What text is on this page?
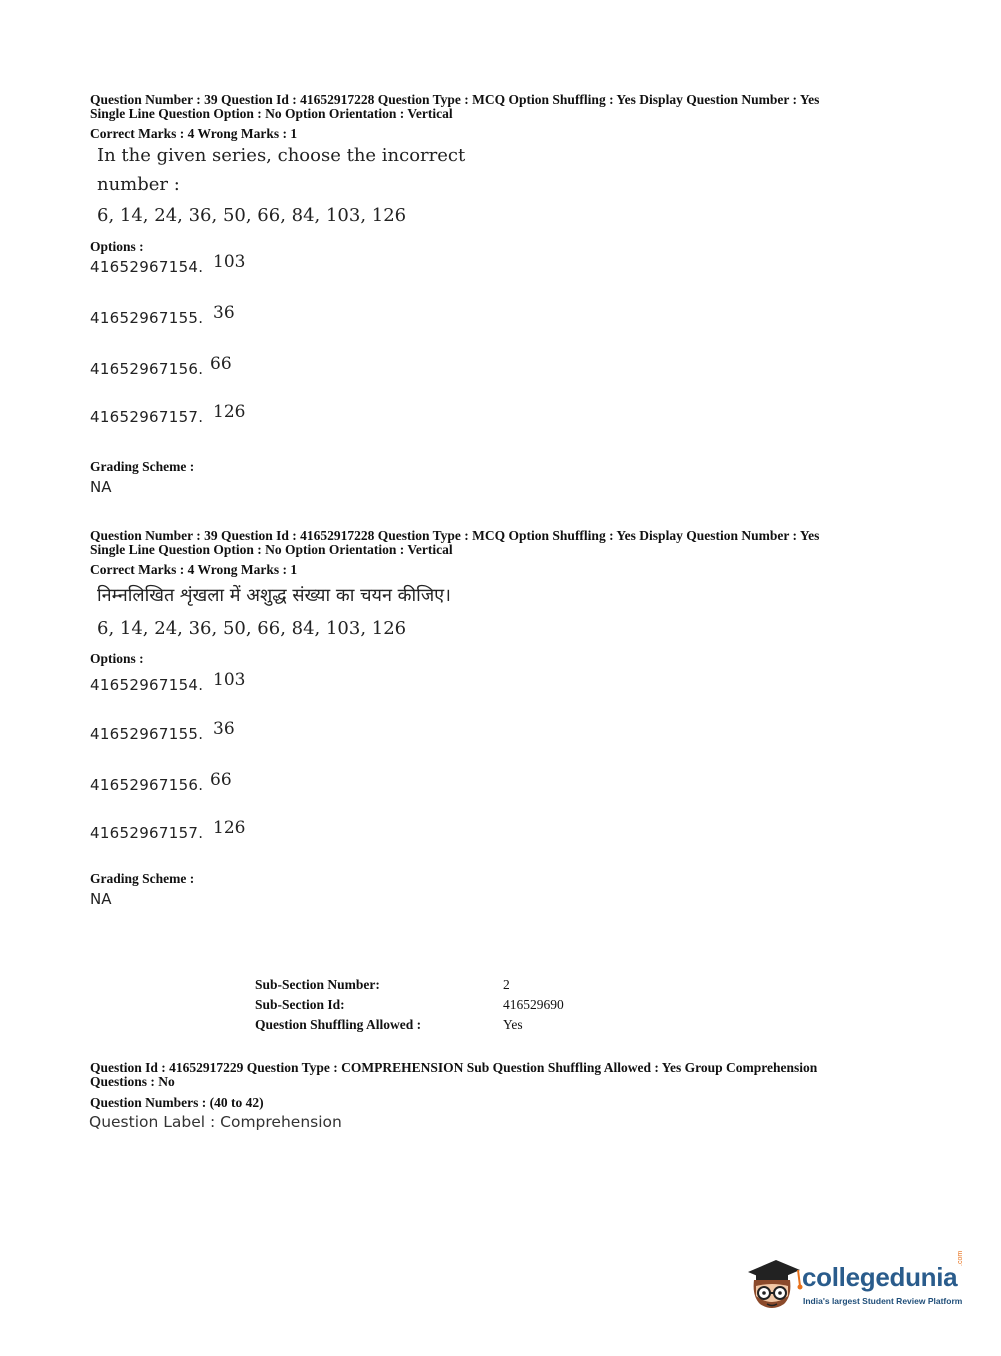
Question Number : 39 Question Id : 41652917228 Question Type : MCQ Option Shuffling : Yes Display Question Number : Yes
Single Line Question Option : No Option Orientation : Vertical
Correct Marks : 4 Wrong Marks : 1
In the given series, choose the incorrect
number :
6, 14, 24, 36, 50, 66, 84, 103, 126
Options :
41652967154. 103
41652967155. 36
41652967156. 66
41652967157. 126
Grading Scheme :
NA
Question Number : 39 Question Id : 41652917228 Question Type : MCQ Option Shuffling : Yes Display Question Number : Yes
Single Line Question Option : No Option Orientation : Vertical
Correct Marks : 4 Wrong Marks : 1
निम्नलिखित शृंखला में अशुद्ध संख्या का चयन कीजिए।
6, 14, 24, 36, 50, 66, 84, 103, 126
Options :
41652967154. 103
41652967155. 36
41652967156. 66
41652967157. 126
Grading Scheme :
NA
Sub-Section Number:	2
Sub-Section Id:	416529690
Question Shuffling Allowed :	Yes
Question Id : 41652917229 Question Type : COMPREHENSION Sub Question Shuffling Allowed : Yes Group Comprehension
Questions : No
Question Numbers : (40 to 42)
Question Label : Comprehension
collegedunia
.com
India's largest Student Review Platform
